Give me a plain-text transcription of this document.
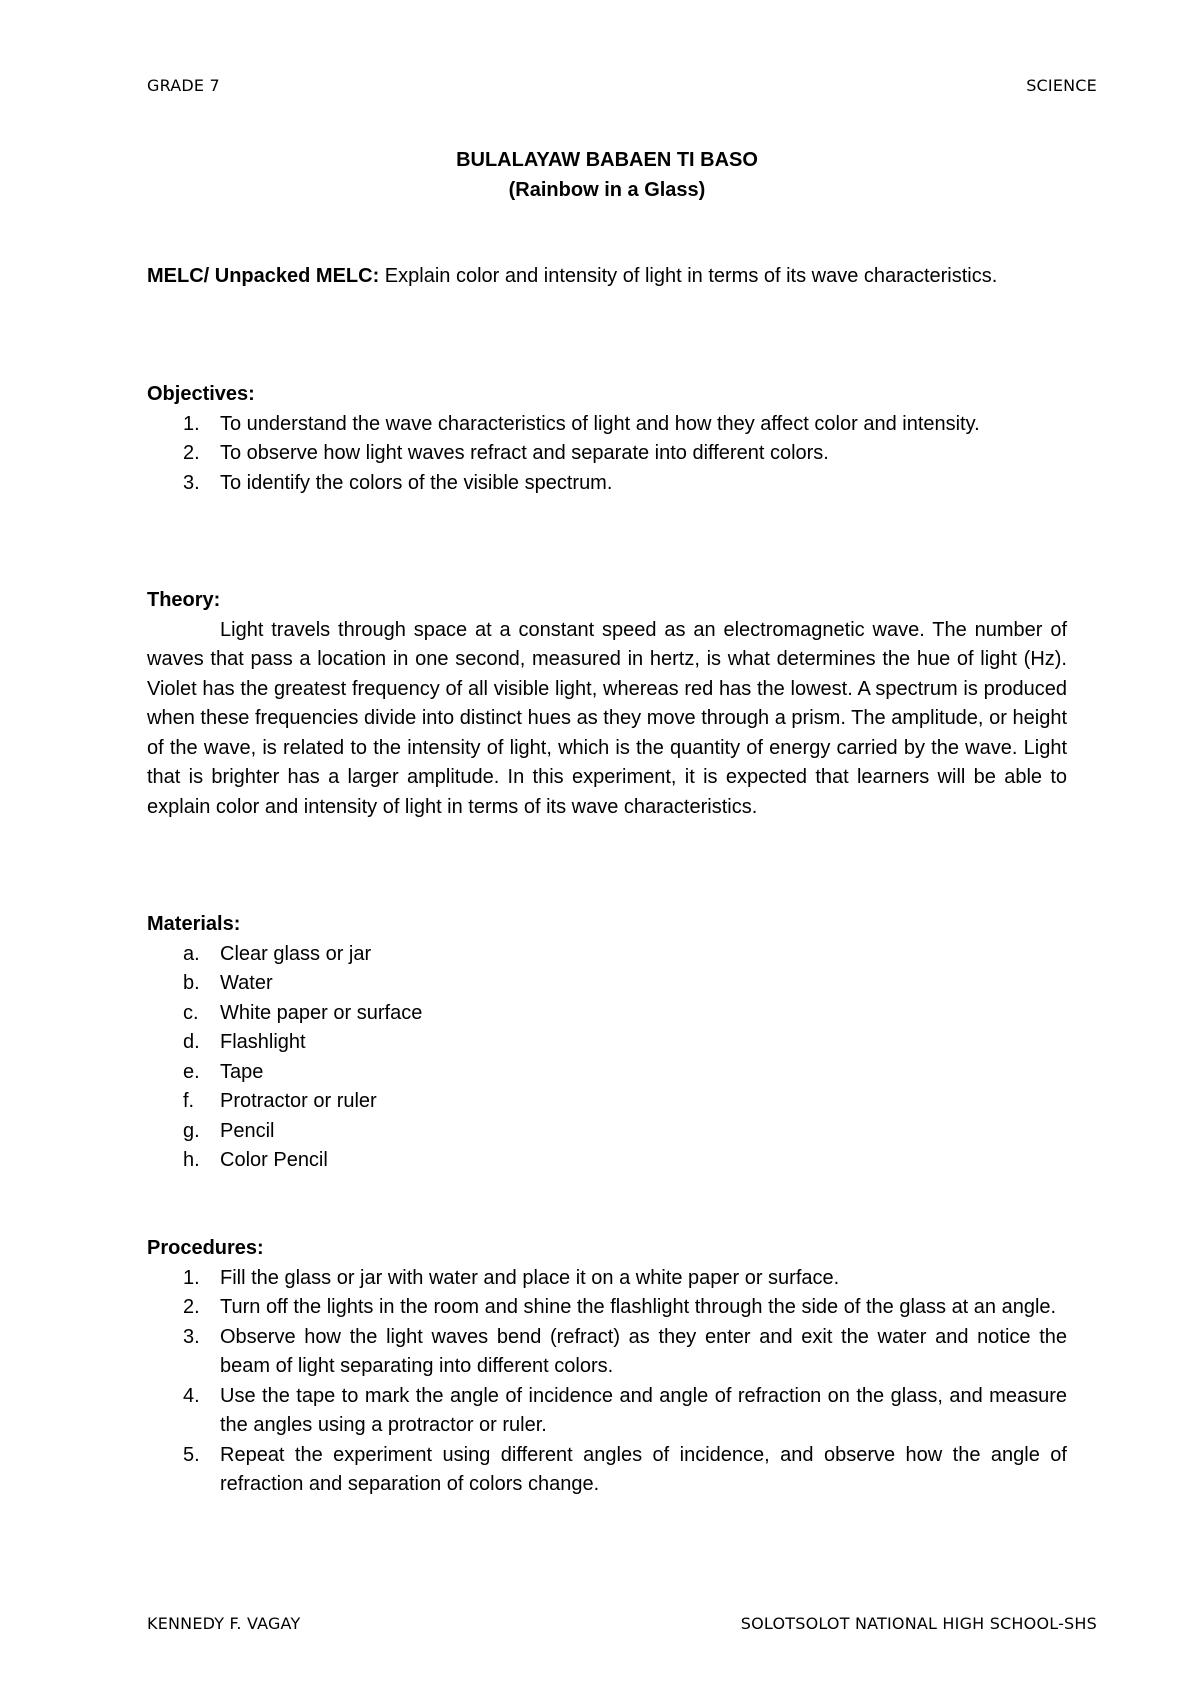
GRADE 7	SCIENCE
BULALAYAW BABAEN TI BASO
(Rainbow in a Glass)
MELC/ Unpacked MELC: Explain color and intensity of light in terms of its wave characteristics.
Objectives:
1.	To understand the wave characteristics of light and how they affect color and intensity.
2.	To observe how light waves refract and separate into different colors.
3.	To identify the colors of the visible spectrum.
Theory:
Light travels through space at a constant speed as an electromagnetic wave. The number of waves that pass a location in one second, measured in hertz, is what determines the hue of light (Hz). Violet has the greatest frequency of all visible light, whereas red has the lowest. A spectrum is produced when these frequencies divide into distinct hues as they move through a prism. The amplitude, or height of the wave, is related to the intensity of light, which is the quantity of energy carried by the wave. Light that is brighter has a larger amplitude. In this experiment, it is expected that learners will be able to explain color and intensity of light in terms of its wave characteristics.
Materials:
a.	Clear glass or jar
b.	Water
c.	White paper or surface
d.	Flashlight
e.	Tape
f.	Protractor or ruler
g.	Pencil
h.	Color Pencil
Procedures:
1.	Fill the glass or jar with water and place it on a white paper or surface.
2.	Turn off the lights in the room and shine the flashlight through the side of the glass at an angle.
3.	Observe how the light waves bend (refract) as they enter and exit the water and notice the beam of light separating into different colors.
4.	Use the tape to mark the angle of incidence and angle of refraction on the glass, and measure the angles using a protractor or ruler.
5.	Repeat the experiment using different angles of incidence, and observe how the angle of refraction and separation of colors change.
KENNEDY F. VAGAY	SOLOTSOLOT NATIONAL HIGH SCHOOL-SHS
